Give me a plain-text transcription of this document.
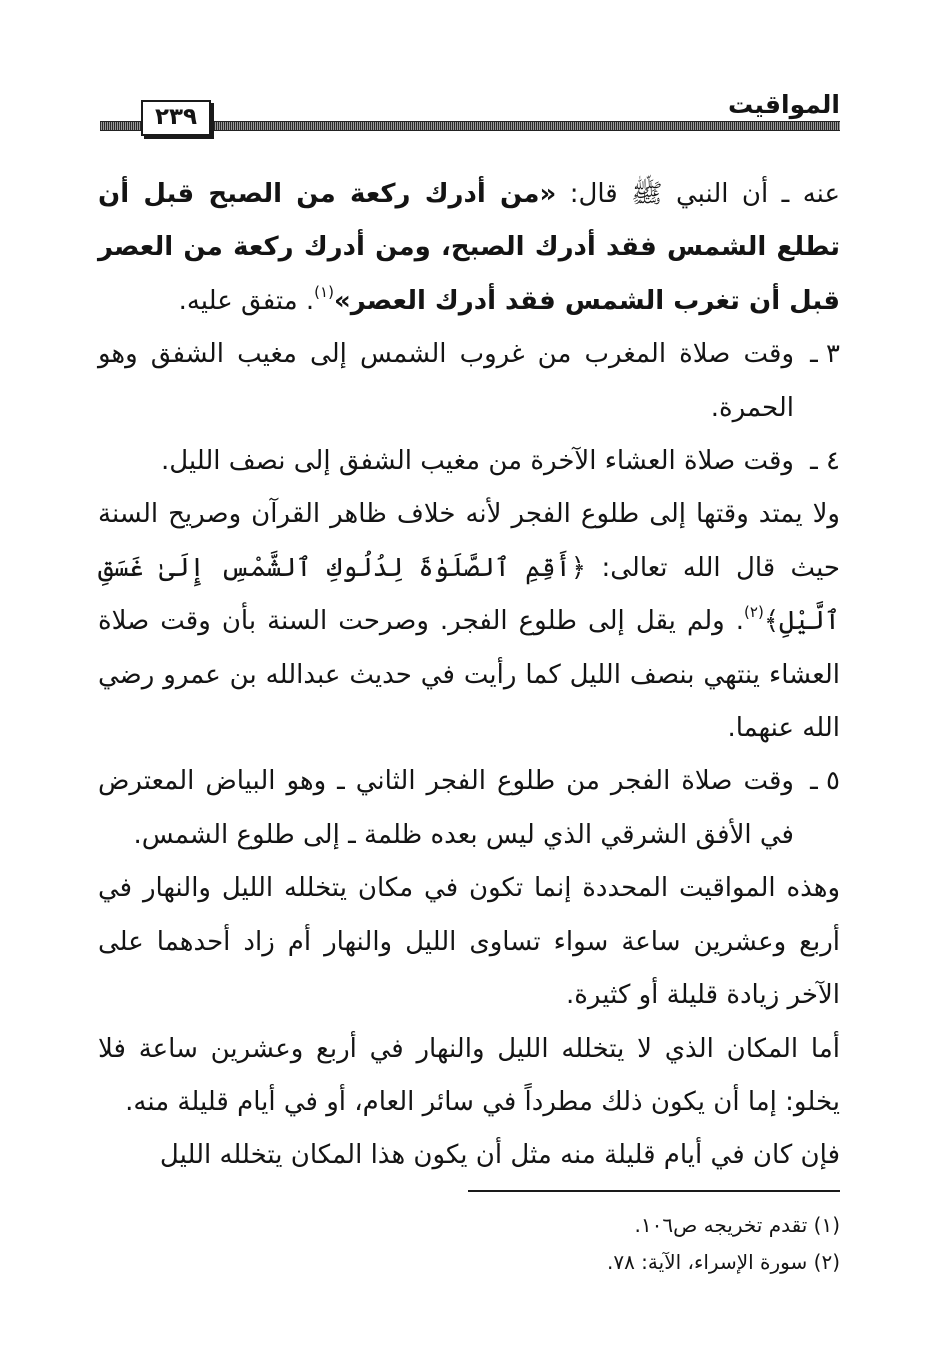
المواقيت
٢٣٩

عنه ـ أن النبي ﷺ قال: «من أدرك ركعة من الصبح قبل أن تطلع الشمس فقد أدرك الصبح، ومن أدرك ركعة من العصر قبل أن تغرب الشمس فقد أدرك العصر»$^{(١)}$. متفق عليه.

٣ ـ
وقت صلاة المغرب من غروب الشمس إلى مغيب الشفق وهو الحمرة.

٤ ـ
وقت صلاة العشاء الآخرة من مغيب الشفق إلى نصف الليل.

ولا يمتد وقتها إلى طلوع الفجر لأنه خلاف ظاهر القرآن وصريح السنة حيث قال الله تعالى: ﴿أَقِمِ ٱلصَّلَوٰةَ لِدُلُوكِ ٱلشَّمْسِ إِلَىٰ غَسَقِ ٱلَّيْلِ﴾$^{(٢)}$. ولم يقل إلى طلوع الفجر. وصرحت السنة بأن وقت صلاة العشاء ينتهي بنصف الليل كما رأيت في حديث عبدالله بن عمرو رضي الله عنهما.

٥ ـ
وقت صلاة الفجر من طلوع الفجر الثاني ـ وهو البياض المعترض في الأفق الشرقي الذي ليس بعده ظلمة ـ إلى طلوع الشمس.

وهذه المواقيت المحددة إنما تكون في مكان يتخلله الليل والنهار في أربع وعشرين ساعة سواء تساوى الليل والنهار أم زاد أحدهما على الآخر زيادة قليلة أو كثيرة.

أما المكان الذي لا يتخلله الليل والنهار في أربع وعشرين ساعة فلا يخلو: إما أن يكون ذلك مطرداً في سائر العام، أو في أيام قليلة منه.

فإن كان في أيام قليلة منه مثل أن يكون هذا المكان يتخلله الليل

(١) تقدم تخريجه ص١٠٦.

(٢) سورة الإسراء، الآية: ٧٨.
